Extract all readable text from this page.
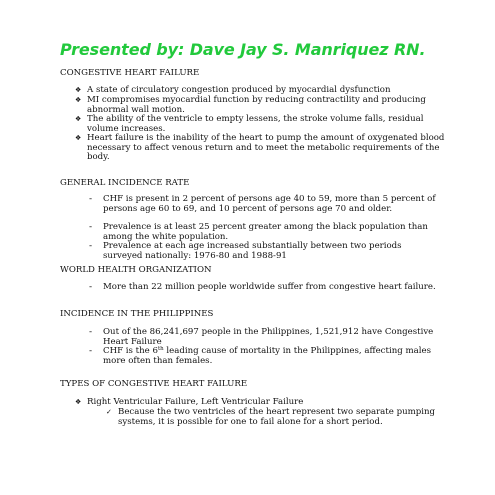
Presented by: Dave Jay S. Manriquez RN.
CONGESTIVE HEART FAILURE
❖ A state of circulatory congestion produced by myocardial dysfunction
❖ MI compromises myocardial function by reducing contractility and producing abnormal wall motion.
❖ The ability of the ventricle to empty lessens, the stroke volume falls, residual volume increases.
❖ Heart failure is the inability of the heart to pump the amount of oxygenated blood necessary to affect venous return and to meet the metabolic requirements of the body.
GENERAL INCIDENCE RATE
-	CHF is present in 2 percent of persons age 40 to 59, more than 5 percent of persons age 60 to 69, and 10 percent of persons age 70 and older.
-	Prevalence is at least 25 percent greater among the black population than among the white population.
-	Prevalence at each age increased substantially between two periods surveyed nationally: 1976-80 and 1988-91
WORLD HEALTH ORGANIZATION
-	More than 22 million people worldwide suffer from congestive heart failure.
INCIDENCE IN THE PHILIPPINES
-	Out of the 86,241,697 people in the Philippines, 1,521,912 have Congestive Heart Failure
-	CHF is the 6th leading cause of mortality in the Philippines, affecting males more often than females.
TYPES OF CONGESTIVE HEART FAILURE
❖ Right Ventricular Failure, Left Ventricular Failure
✓ Because the two ventricles of the heart represent two separate pumping systems, it is possible for one to fail alone for a short period.
